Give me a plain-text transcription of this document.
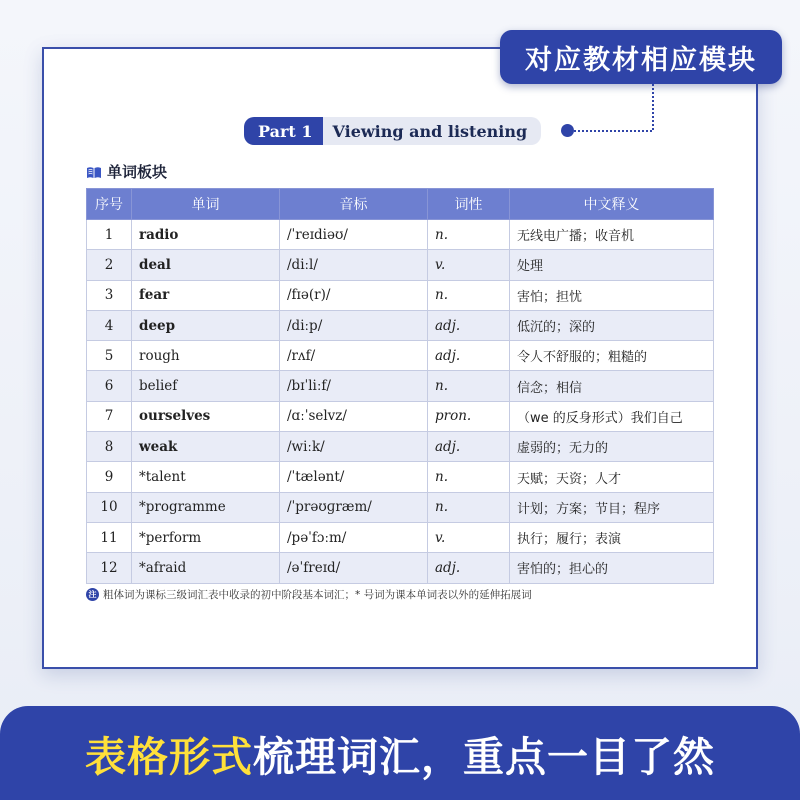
对应教材相应模块
Part 1	Viewing and listening
单词板块
序号	单词	音标	词性	中文释义
1	radio	/ˈreɪdiəʊ/	n.	无线电广播；收音机
2	deal	/diːl/	v.	处理
3	fear	/fɪə(r)/	n.	害怕；担忧
4	deep	/diːp/	adj.	低沉的；深的
5	rough	/rʌf/	adj.	令人不舒服的；粗糙的
6	belief	/bɪˈliːf/	n.	信念；相信
7	ourselves	/ɑːˈselvz/	pron.	（we 的反身形式）我们自己
8	weak	/wiːk/	adj.	虚弱的；无力的
9	*talent	/ˈtælənt/	n.	天赋；天资；人才
10	*programme	/ˈprəʊɡræm/	n.	计划；方案；节目；程序
11	*perform	/pəˈfɔːm/	v.	执行；履行；表演
12	*afraid	/əˈfreɪd/	adj.	害怕的；担心的
注 粗体词为课标三级词汇表中收录的初中阶段基本词汇；* 号词为课本单词表以外的延伸拓展词
表格形式 梳理词汇，重点一目了然
